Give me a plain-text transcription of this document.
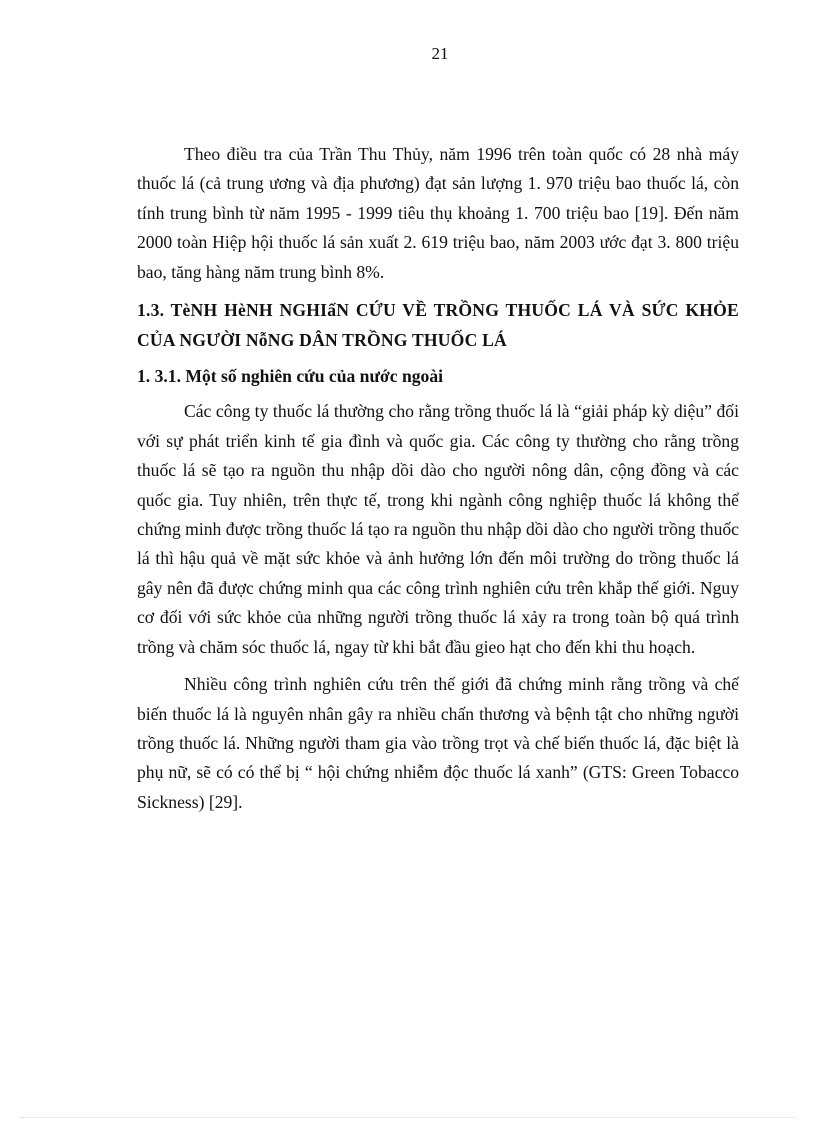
21

Theo điều tra của Trần Thu Thủy, năm 1996 trên toàn quốc có 28 nhà máy thuốc lá (cả trung ương và địa phương) đạt sản lượng 1. 970 triệu bao thuốc lá, còn tính trung bình từ năm 1995 - 1999 tiêu thụ khoảng 1. 700 triệu bao [19]. Đến năm 2000 toàn Hiệp hội thuốc lá sản xuất 2. 619 triệu bao, năm 2003 ước đạt 3. 800 triệu bao, tăng hàng năm trung bình 8%.

1.3. TèNH HèNH NGHIấN CỨU VỀ TRỒNG THUỐC LÁ VÀ SỨC KHỎE CỦA NGƯỜI NỗNG DÂN TRỒNG THUỐC LÁ
1. 3.1. Một số nghiên cứu của nước ngoài

Các công ty thuốc lá thường cho rằng trồng thuốc lá là “giải pháp kỳ diệu” đối với sự phát triển kinh tế gia đình và quốc gia. Các công ty thường cho rằng trồng thuốc lá sẽ tạo ra nguồn thu nhập dồi dào cho người nông dân, cộng đồng và các quốc gia. Tuy nhiên, trên thực tế, trong khi ngành công nghiệp thuốc lá không thể chứng minh được trồng thuốc lá tạo ra nguồn thu nhập dồi dào cho người trồng thuốc lá thì hậu quả về mặt sức khỏe và ảnh hưởng lớn đến môi trường do trồng thuốc lá gây nên đã được chứng minh qua các công trình nghiên cứu trên khắp thế giới. Nguy cơ đối với sức khỏe của những người trồng thuốc lá xảy ra trong toàn bộ quá trình trồng và chăm sóc thuốc lá, ngay từ khi bắt đầu gieo hạt cho đến khi thu hoạch.

Nhiều công trình nghiên cứu trên thế giới đã chứng minh rằng trồng và chế biến thuốc lá là nguyên nhân gây ra nhiều chấn thương và bệnh tật cho những người trồng thuốc lá. Những người tham gia vào trồng trọt và chế biến thuốc lá, đặc biệt là phụ nữ, sẽ có có thể bị “ hội chứng nhiễm độc thuốc lá xanh” (GTS: Green Tobacco Sickness) [29].
